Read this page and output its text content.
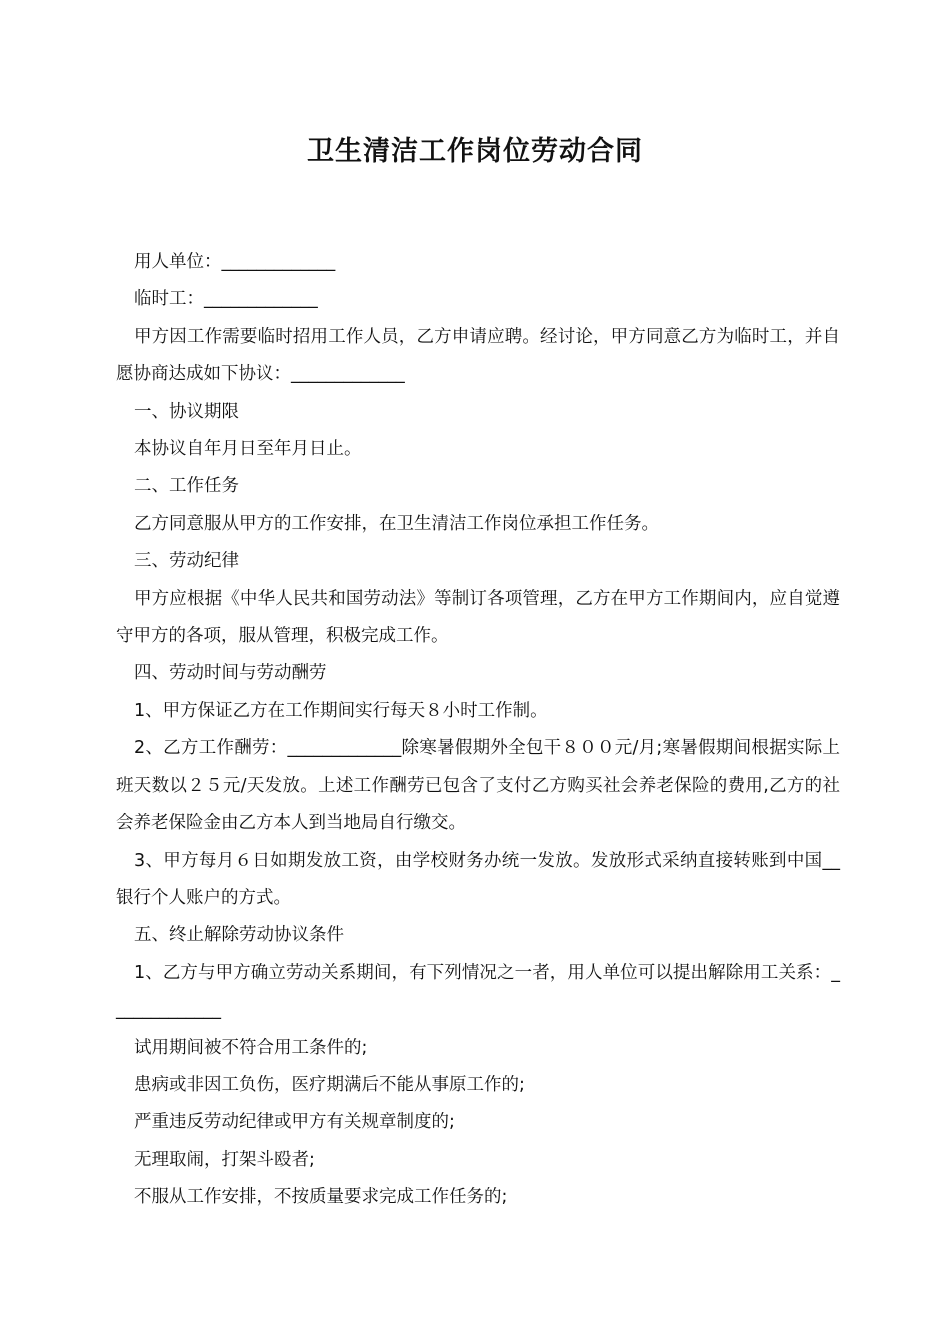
卫生清洁工作岗位劳动合同

用人单位：_____________

临时工：_____________

甲方因工作需要临时招用工作人员，乙方申请应聘。经讨论，甲方同意乙方为临时工，并自愿协商达成如下协议：_____________

一、协议期限

本协议自年月日至年月日止。

二、工作任务

乙方同意服从甲方的工作安排，在卫生清洁工作岗位承担工作任务。

三、劳动纪律

甲方应根据《中华人民共和国劳动法》等制订各项管理，乙方在甲方工作期间内，应自觉遵守甲方的各项，服从管理，积极完成工作。

四、劳动时间与劳动酬劳

1、甲方保证乙方在工作期间实行每天８小时工作制。

2、乙方工作酬劳：_____________除寒暑假期外全包干８００元/月;寒暑假期间根据实际上班天数以２５元/天发放。上述工作酬劳已包含了支付乙方购买社会养老保险的费用,乙方的社会养老保险金由乙方本人到当地局自行缴交。

3、甲方每月６日如期发放工资，由学校财务办统一发放。发放形式采纳直接转账到中国__银行个人账户的方式。

五、终止解除劳动协议条件

1、乙方与甲方确立劳动关系期间，有下列情况之一者，用人单位可以提出解除用工关系：_____________

试用期间被不符合用工条件的;

患病或非因工负伤，医疗期满后不能从事原工作的;

严重违反劳动纪律或甲方有关规章制度的;

无理取闹，打架斗殴者;

不服从工作安排，不按质量要求完成工作任务的;
